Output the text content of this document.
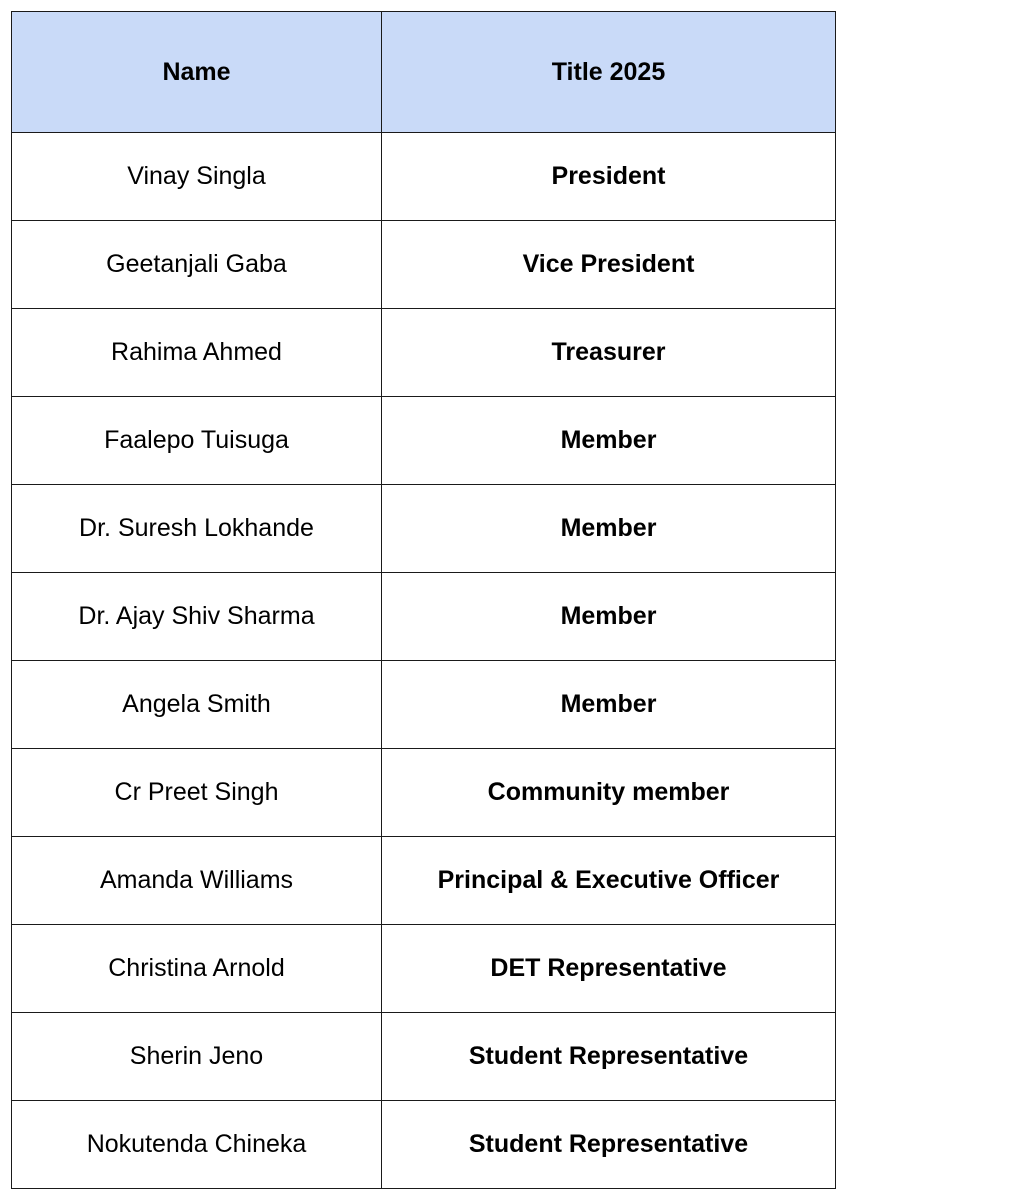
Name	Title 2025
Vinay Singla	President
Geetanjali Gaba	Vice President
Rahima Ahmed	Treasurer
Faalepo Tuisuga	Member
Dr. Suresh Lokhande	Member
Dr. Ajay Shiv Sharma	Member
Angela Smith	Member
Cr Preet Singh	Community member
Amanda Williams	Principal & Executive Officer
Christina Arnold	DET Representative
Sherin Jeno	Student Representative
Nokutenda Chineka	Student Representative
